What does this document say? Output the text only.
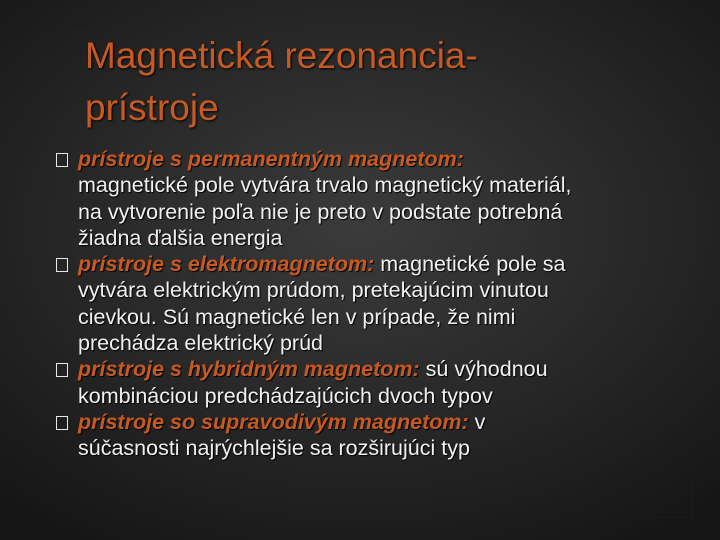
Magnetická rezonancia-
prístroje
prístroje s permanentným magnetom:
magnetické pole vytvára trvalo magnetický materiál,
na vytvorenie poľa nie je preto v podstate potrebná
žiadna ďalšia energia
prístroje s elektromagnetom: magnetické pole sa
vytvára elektrickým prúdom, pretekajúcim vinutou
cievkou. Sú magnetické len v prípade, že nimi
prechádza elektrický prúd
prístroje s hybridným magnetom: sú výhodnou
kombináciou predchádzajúcich dvoch typov
prístroje so supravodivým magnetom: v
súčasnosti najrýchlejšie sa rozširujúci typ
